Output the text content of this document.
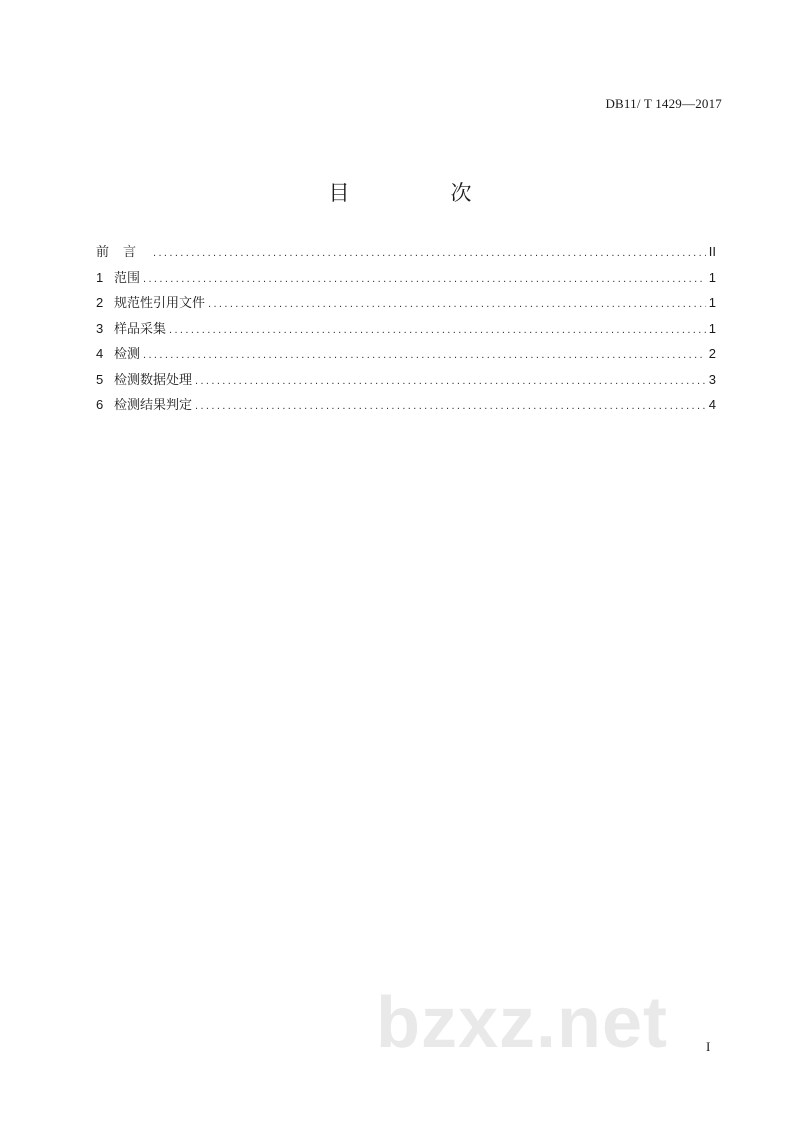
DB11/ T 1429—2017
目　次
前言 .....	II
1 范围 .....	1
2 规范性引用文件 .....	1
3 样品采集 .....	1
4 检测 .....	2
5 检测数据处理 .....	3
6 检测结果判定 .....	4
bzxz.net	I
